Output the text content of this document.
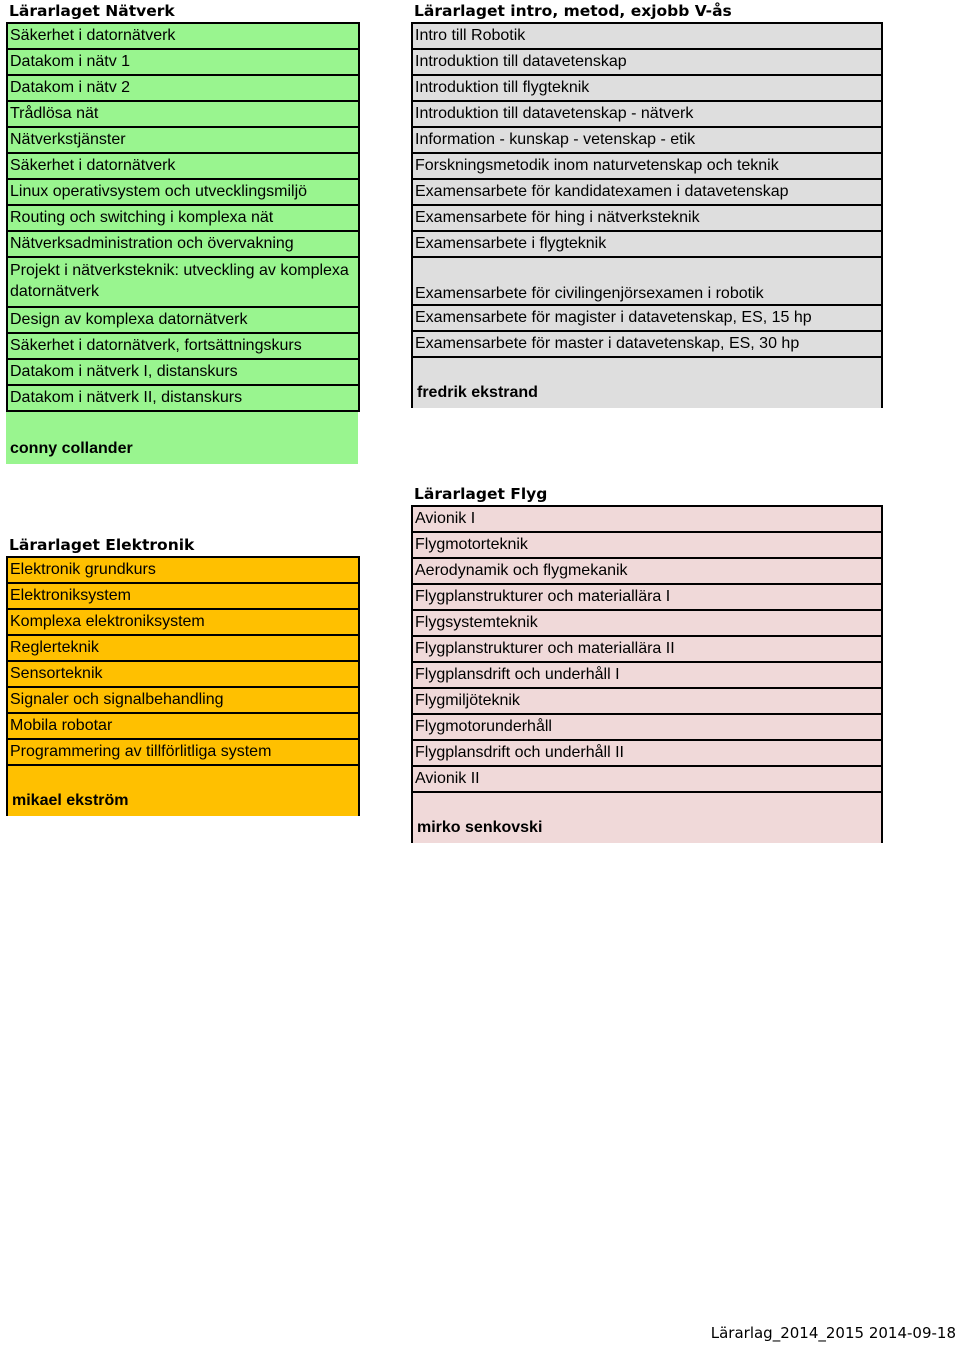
Lärarlaget Nätverk
Säkerhet i datornätverk
Datakom i nätv 1
Datakom i nätv 2
Trådlösa nät
Nätverkstjänster
Säkerhet i datornätverk
Linux operativsystem och utvecklingsmiljö
Routing och switching i komplexa nät
Nätverksadministration och övervakning
Projekt i nätverksteknik: utveckling av komplexa datornätverk
Design av komplexa datornätverk
Säkerhet i datornätverk, fortsättningskurs
Datakom i nätverk I, distanskurs
Datakom i nätverk II, distanskurs
conny collander
Lärarlaget intro, metod, exjobb V-ås
Intro till Robotik
Introduktion till datavetenskap
Introduktion till flygteknik
Introduktion till datavetenskap - nätverk
Information - kunskap - vetenskap - etik
Forskningsmetodik inom naturvetenskap och teknik
Examensarbete för kandidatexamen i datavetenskap
Examensarbete för hing i nätverksteknik
Examensarbete i flygteknik
Examensarbete för civilingenjörsexamen i robotik
Examensarbete för magister i datavetenskap, ES, 15 hp
Examensarbete för master i datavetenskap, ES, 30 hp
fredrik ekstrand
Lärarlaget Elektronik
Elektronik grundkurs
Elektroniksystem
Komplexa elektroniksystem
Reglerteknik
Sensorteknik
Signaler och signalbehandling
Mobila robotar
Programmering av tillförlitliga system
mikael ekström
Lärarlaget Flyg
Avionik I
Flygmotorteknik
Aerodynamik och flygmekanik
Flygplanstrukturer och materiallära I
Flygsystemteknik
Flygplanstrukturer och materiallära II
Flygplansdrift och underhåll I
Flygmiljöteknik
Flygmotorunderhåll
Flygplansdrift och underhåll II
Avionik II
mirko senkovski
Lärarlag_2014_2015 2014-09-18
